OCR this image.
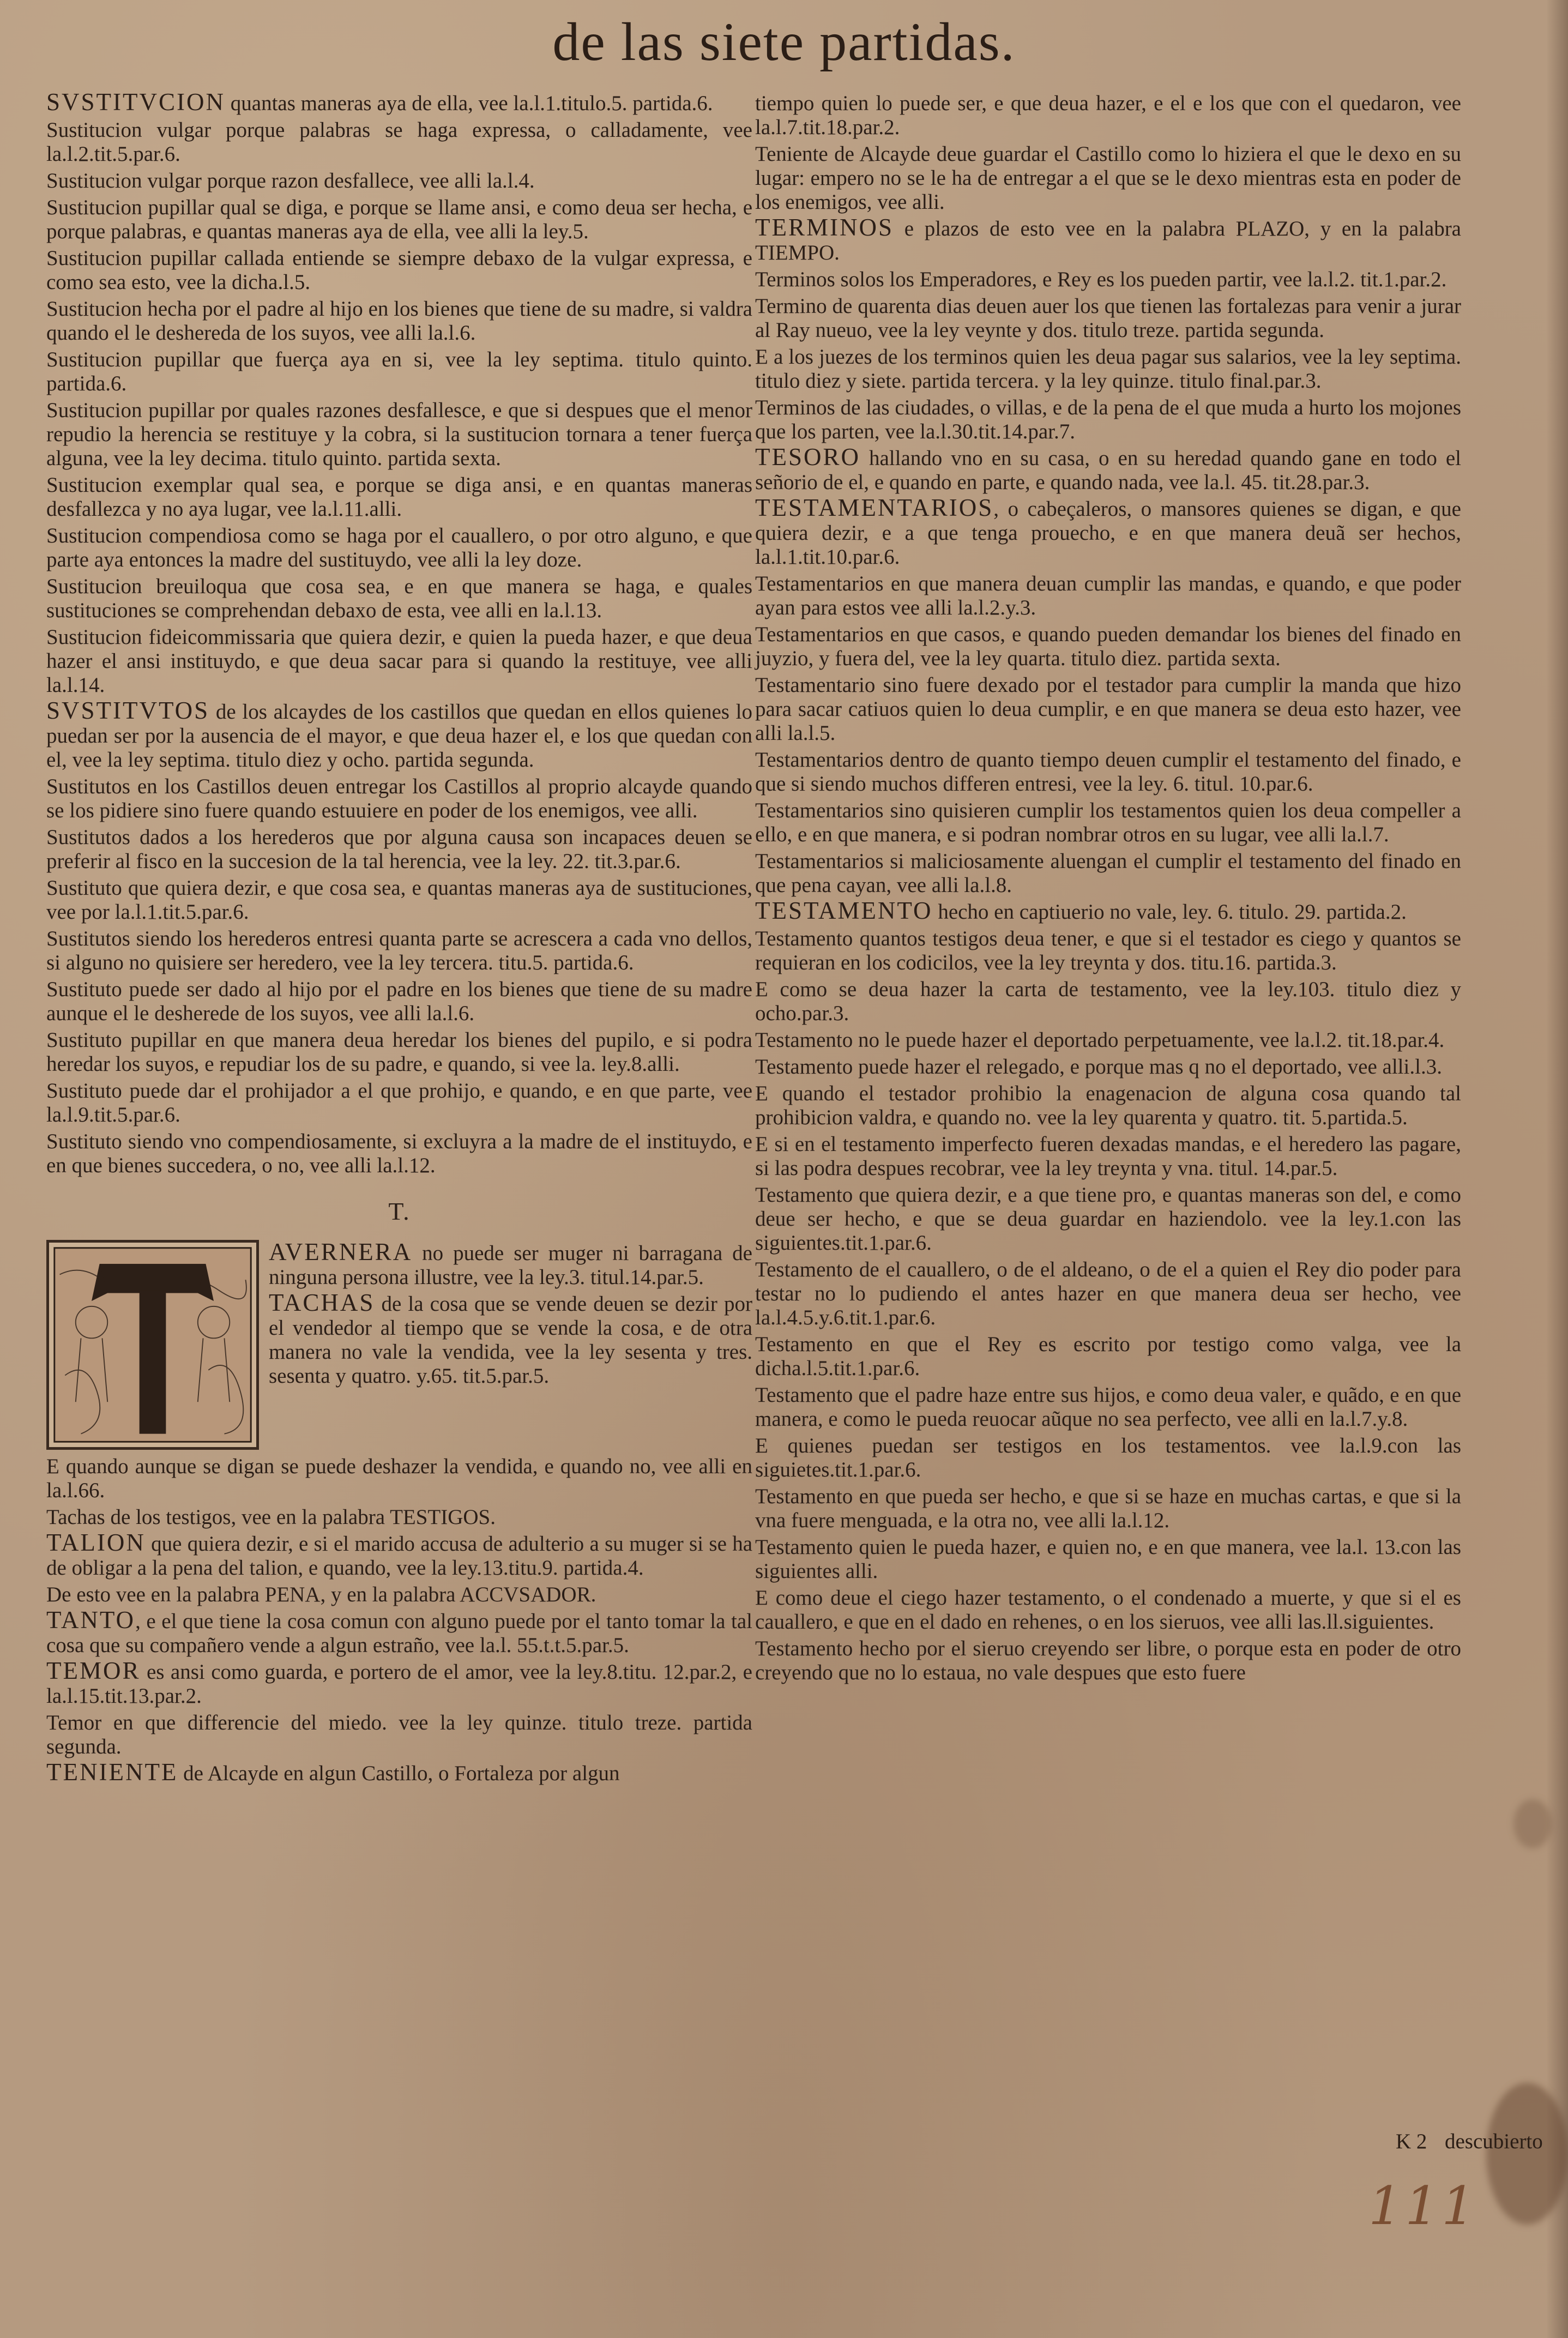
de las siete partidas.
SVSTITVCION quantas maneras aya de ella, vee la.l.1.titulo.5. partida.6.
Sustitucion vulgar porque palabras se haga expressa, o calladamente, vee la.l.2.tit.5.par.6.
Sustitucion vulgar porque razon desfallece, vee alli la.l.4.
Sustitucion pupillar qual se diga, e porque se llame ansi, e como deua ser hecha, e porque palabras, e quantas maneras aya de ella, vee alli la ley.5.
Sustitucion pupillar callada entiende se siempre debaxo de la vulgar expressa, e como sea esto, vee la dicha.l.5.
Sustitucion hecha por el padre al hijo en los bienes que tiene de su madre, si valdra quando el le desheredа de los suyos, vee alli la.l.6.
Sustitucion pupillar que fuerça aya en si, vee la ley septima. titulo quinto. partida.6.
Sustitucion pupillar por quales razones desfallesce, e que si despues que el menor repudio la herencia se restituye y la cobra, si la sustitucion tornara a tener fuerça alguna, vee la ley decima. titulo quinto. partida sexta.
Sustitucion exemplar qual sea, e porque se diga ansi, e en quantas maneras desfallezca y no aya lugar, vee la.l.11.alli.
Sustitucion compendiosa como se haga por el cauallero, o por otro alguno, e que parte aya entonces la madre del sustituydo, vee alli la ley doze.
Sustitucion breuiloqua que cosa sea, e en que manera se haga, e quales sustituciones se comprehendan debaxo de esta, vee alli en la.l.13.
Sustitucion fideicommissaria que quiera dezir, e quien la pueda hazer, e que deua hazer el ansi instituydo, e que deua sacar para si quando la restituye, vee alli la.l.14.
SVSTITVTOS de los alcaydes de los castillos que quedan en ellos quienes lo puedan ser por la ausencia de el mayor, e que deua hazer el, e los que quedan con el, vee la ley septima. titulo diez y ocho. partida segunda.
Sustitutos en los Castillos deuen entregar los Castillos al proprio alcayde quando se los pidiere sino fuere quando estuuiere en poder de los enemigos, vee alli.
Sustitutos dados a los herederos que por alguna causa son incapaces deuen se preferir al fisco en la succesion de la tal herencia, vee la ley. 22. tit.3.par.6.
Sustituto que quiera dezir, e que cosa sea, e quantas maneras aya de sustituciones, vee por la.l.1.tit.5.par.6.
Sustitutos siendo los herederos entresi quanta parte se acrescera a cada vno dellos, si alguno no quisiere ser heredero, vee la ley tercera. titu.5. partida.6.
Sustituto puede ser dado al hijo por el padre en los bienes que tiene de su madre aunque el le desherede de los suyos, vee alli la.l.6.
Sustituto pupillar en que manera deua heredar los bienes del pupilo, e si podra heredar los suyos, e repudiar los de su padre, e quando, si vee la. ley.8.alli.
Sustituto puede dar el prohijador a el que prohijo, e quando, e en que parte, vee la.l.9.tit.5.par.6.
Sustituto siendo vno compendiosamente, si excluyra a la madre de el instituydo, e en que bienes succedera, o no, vee alli la.l.12.
T.
AVERNERA no puede ser muger ni barragana de ninguna persona illustre, vee la ley.3. titul.14.par.5.
TACHAS de la cosa que se vende deuen se dezir por el vendedor al tiempo que se vende la cosa, e de otra manera no vale la vendida, vee la ley sesenta y tres. sesenta y quatro. y.65. tit.5.par.5.
E quando aunque se digan se puede deshazer la vendida, e quando no, vee alli en la.l.66.
Tachas de los testigos, vee en la palabra TESTIGOS.
TALION que quiera dezir, e si el marido accusa de adulterio a su muger si se ha de obligar a la pena del talion, e quando, vee la ley.13.titu.9. partida.4.
De esto vee en la palabra PENA, y en la palabra ACCVSADOR.
TANTO, e el que tiene la cosa comun con alguno puede por el tanto tomar la tal cosa que su compañero vende a algun estraño, vee la.l. 55.t.t.5.par.5.
TEMOR es ansi como guarda, e portero de el amor, vee la ley.8.titu. 12.par.2, e la.l.15.tit.13.par.2.
Temor en que differencie del miedo. vee la ley quinze. titulo treze. partida segunda.
TENIENTE de Alcayde en algun Castillo, o Fortaleza por algun
tiempo quien lo puede ser, e que deua hazer, e el e los que con el quedaron, vee la.l.7.tit.18.par.2.
Teniente de Alcayde deue guardar el Castillo como lo hiziera el que le dexo en su lugar: empero no se le ha de entregar a el que se le dexo mientras esta en poder de los enemigos, vee alli.
TERMINOS e plazos de esto vee en la palabra PLAZO, y en la palabra TIEMPO.
Terminos solos los Emperadores, e Rey es los pueden partir, vee la.l.2. tit.1.par.2.
Termino de quarenta dias deuen auer los que tienen las fortalezas para venir a jurar al Ray nueuo, vee la ley veynte y dos. titulo treze. partida segunda.
E a los juezes de los terminos quien les deua pagar sus salarios, vee la ley septima. titulo diez y siete. partida tercera. y la ley quinze. titulo final.par.3.
Terminos de las ciudades, o villas, e de la pena de el que muda a hurto los mojones que los parten, vee la.l.30.tit.14.par.7.
TESORO hallando vno en su casa, o en su heredad quando gane en todo el señorio de el, e quando en parte, e quando nada, vee la.l. 45. tit.28.par.3.
TESTAMENTARIOS, o cabeçaleros, o mansores quienes se digan, e que quiera dezir, e a que tenga prouecho, e en que manera deuã ser hechos, la.l.1.tit.10.par.6.
Testamentarios en que manera deuan cumplir las mandas, e quando, e que poder ayan para estos vee alli la.l.2.y.3.
Testamentarios en que casos, e quando pueden demandar los bienes del finado en juyzio, y fuera del, vee la ley quarta. titulo diez. partida sexta.
Testamentario sino fuere dexado por el testador para cumplir la manda que hizo para sacar catiuos quien lo deua cumplir, e en que manera se deua esto hazer, vee alli la.l.5.
Testamentarios dentro de quanto tiempo deuen cumplir el testamento del finado, e que si siendo muchos differen entresi, vee la ley. 6. titul. 10.par.6.
Testamentarios sino quisieren cumplir los testamentos quien los deua compeller a ello, e en que manera, e si podran nombrar otros en su lugar, vee alli la.l.7.
Testamentarios si maliciosamente aluengan el cumplir el testamento del finado en que pena cayan, vee alli la.l.8.
TESTAMENTO hecho en captiuerio no vale, ley. 6. titulo. 29. partida.2.
Testamento quantos testigos deua tener, e que si el testador es ciego y quantos se requieran en los codicilos, vee la ley treynta y dos. titu.16. partida.3.
E como se deua hazer la carta de testamento, vee la ley.103. titulo diez y ocho.par.3.
Testamento no le puede hazer el deportado perpetuamente, vee la.l.2. tit.18.par.4.
Testamento puede hazer el relegado, e porque mas q no el deportado, vee alli.l.3.
E quando el testador prohibio la enagenacion de alguna cosa quando tal prohibicion valdra, e quando no. vee la ley quarenta y quatro. tit. 5.partida.5.
E si en el testamento imperfecto fueren dexadas mandas, e el heredero las pagare, si las podra despues recobrar, vee la ley treynta y vna. titul. 14.par.5.
Testamento que quiera dezir, e a que tiene pro, e quantas maneras son del, e como deue ser hecho, e que se deua guardar en haziendolo. vee la ley.1.con las siguientes.tit.1.par.6.
Testamento de el cauallero, o de el aldeano, o de el a quien el Rey dio poder para testar no lo pudiendo el antes hazer en que manera deua ser hecho, vee la.l.4.5.y.6.tit.1.par.6.
Testamento en que el Rey es escrito por testigo como valga, vee la dicha.l.5.tit.1.par.6.
Testamento que el padre haze entre sus hijos, e como deua valer, e quãdo, e en que manera, e como le pueda reuocar aũque no sea perfecto, vee alli en la.l.7.y.8.
E quienes puedan ser testigos en los testamentos. vee la.l.9.con las siguietes.tit.1.par.6.
Testamento en que pueda ser hecho, e que si se haze en muchas cartas, e que si la vna fuere menguada, e la otra no, vee alli la.l.12.
Testamento quien le pueda hazer, e quien no, e en que manera, vee la.l. 13.con las siguientes alli.
E como deue el ciego hazer testamento, o el condenado a muerte, y que si el es cauallero, e que en el dado en rehenes, o en los sieruos, vee alli las.ll.siguientes.
Testamento hecho por el sieruo creyendo ser libre, o porque esta en poder de otro creyendo que no lo estaua, no vale despues que esto fuere
K 2 descubierto
111
